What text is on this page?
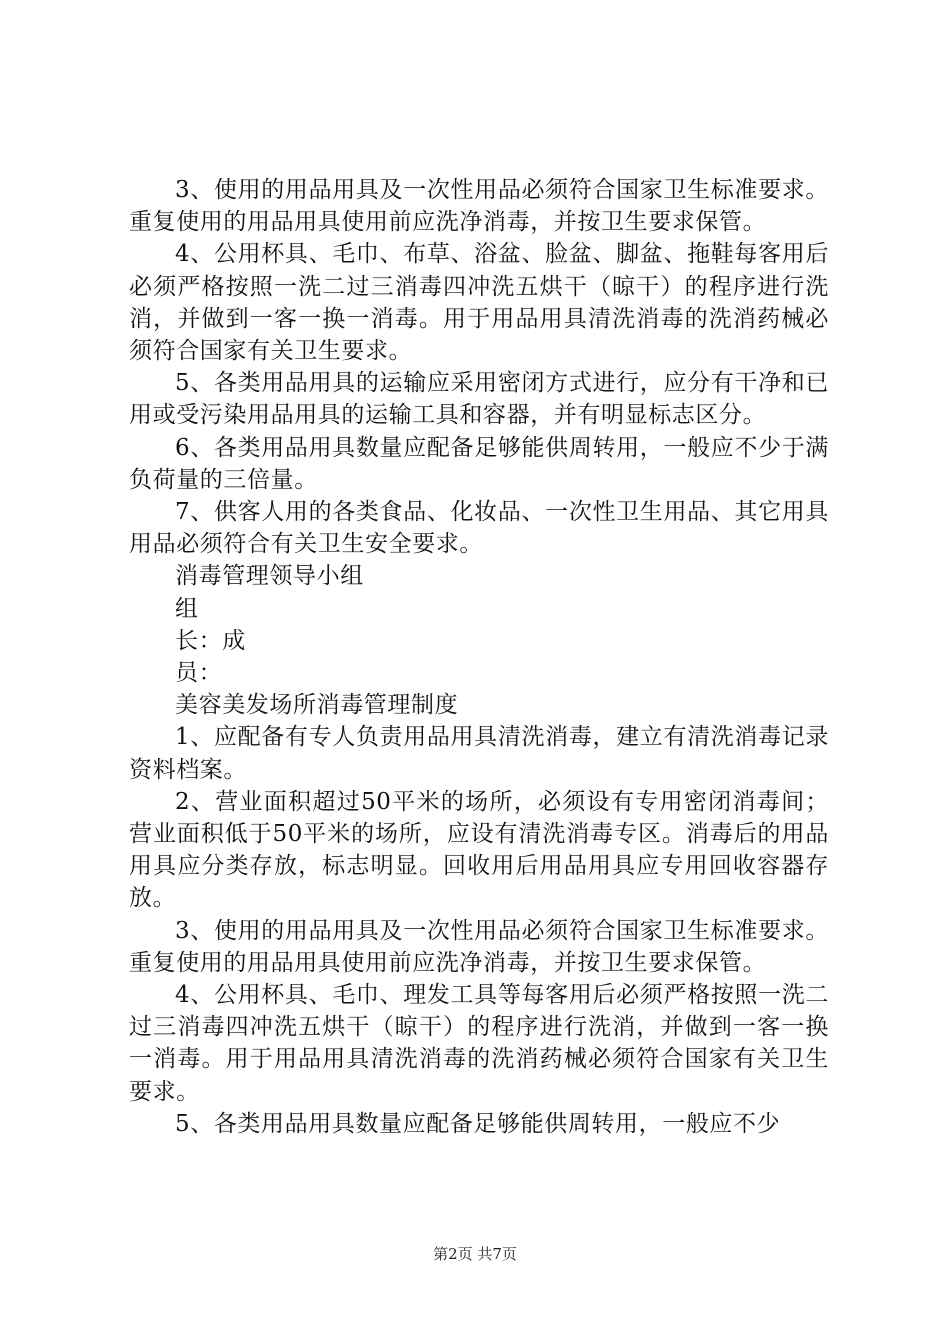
3、使用的用品用具及一次性用品必须符合国家卫生标准要求。重复使用的用品用具使用前应洗净消毒，并按卫生要求保管。

4、公用杯具、毛巾、布草、浴盆、脸盆、脚盆、拖鞋每客用后必须严格按照一洗二过三消毒四冲洗五烘干（晾干）的程序进行洗消，并做到一客一换一消毒。用于用品用具清洗消毒的洗消药械必须符合国家有关卫生要求。

5、各类用品用具的运输应采用密闭方式进行，应分有干净和已用或受污染用品用具的运输工具和容器，并有明显标志区分。

6、各类用品用具数量应配备足够能供周转用，一般应不少于满负荷量的三倍量。

7、供客人用的各类食品、化妆品、一次性卫生用品、其它用具用品必须符合有关卫生安全要求。

消毒管理领导小组

组

长：成

员：

美容美发场所消毒管理制度

1、应配备有专人负责用品用具清洗消毒，建立有清洗消毒记录资料档案。

2、营业面积超过50平米的场所，必须设有专用密闭消毒间；营业面积低于50平米的场所，应设有清洗消毒专区。消毒后的用品用具应分类存放，标志明显。回收用后用品用具应专用回收容器存放。

3、使用的用品用具及一次性用品必须符合国家卫生标准要求。重复使用的用品用具使用前应洗净消毒，并按卫生要求保管。

4、公用杯具、毛巾、理发工具等每客用后必须严格按照一洗二过三消毒四冲洗五烘干（晾干）的程序进行洗消，并做到一客一换一消毒。用于用品用具清洗消毒的洗消药械必须符合国家有关卫生要求。

5、各类用品用具数量应配备足够能供周转用，一般应不少

第2页 共7页
